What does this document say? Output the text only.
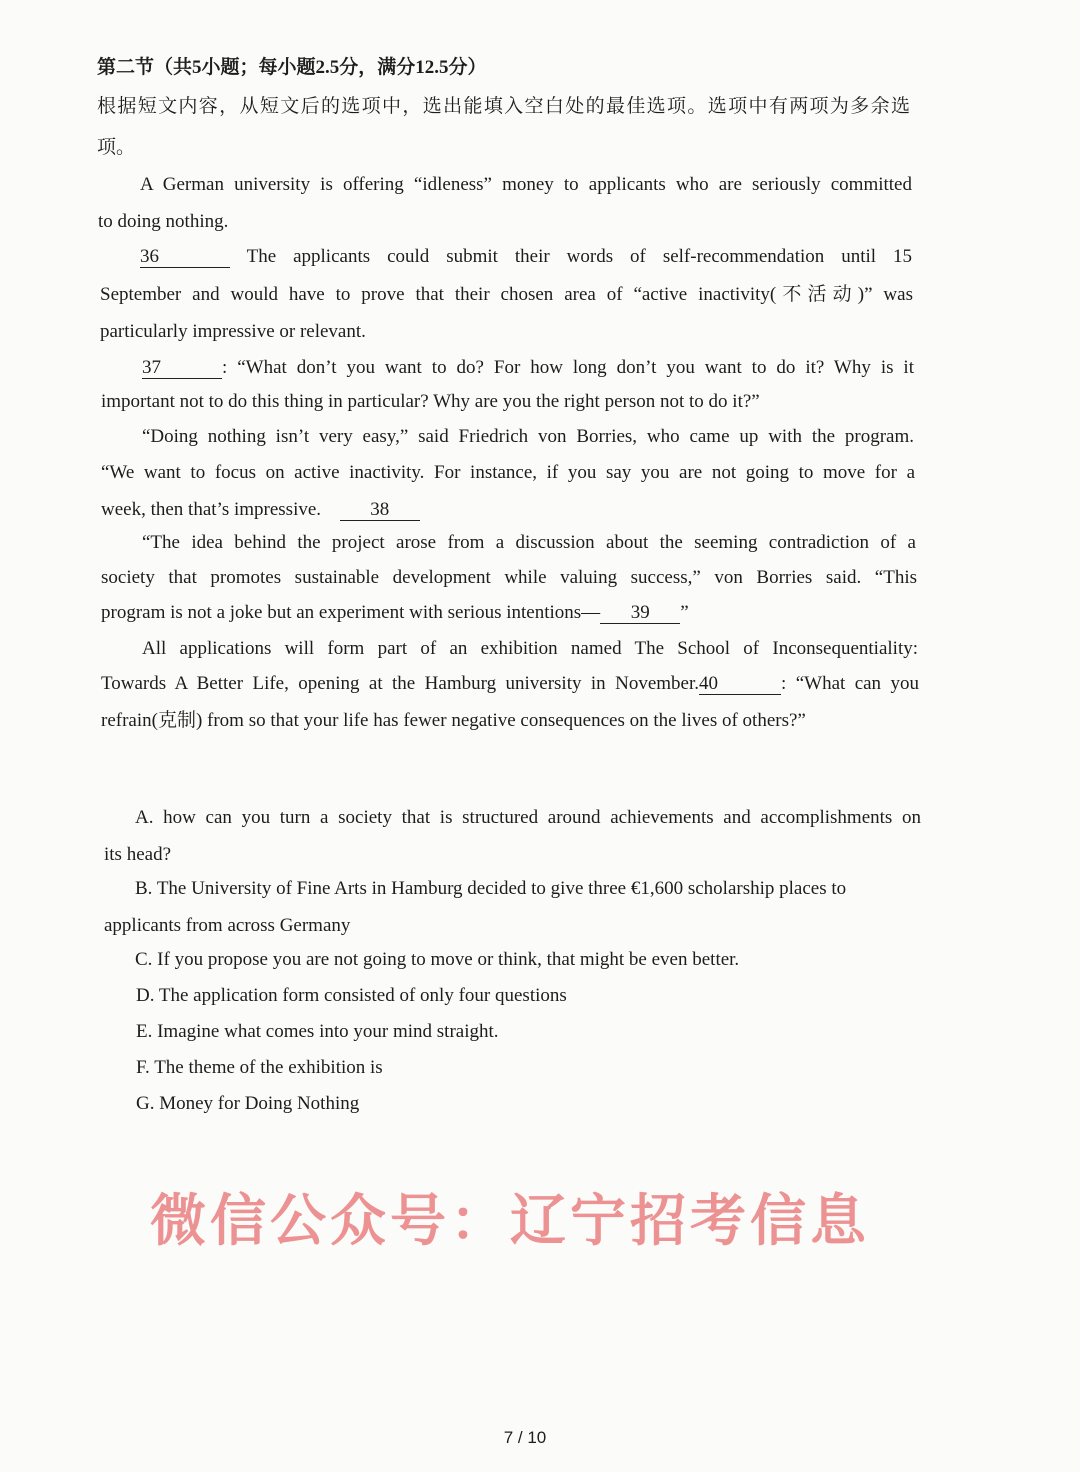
第二节（共5小题；每小题2.5分，满分12.5分）
根据短文内容，从短文后的选项中，选出能填入空白处的最佳选项。选项中有两项为多余选
项。
A German university is offering “idleness” money to applicants who are seriously committed
to doing nothing.
36	The applicants could submit their words of self-recommendation until 15
September and would have to prove that their chosen area of “active inactivity(不活动)” was
particularly impressive or relevant.
37	: “What don’t you want to do? For how long don’t you want to do it? Why is it
important not to do this thing in particular? Why are you the right person not to do it?”
“Doing nothing isn’t very easy,” said Friedrich von Borries, who came up with the program.
“We want to focus on active inactivity. For instance, if you say you are not going to move for a
week, then that’s impressive.	38
“The idea behind the project arose from a discussion about the seeming contradiction of a
society that promotes sustainable development while valuing success,” von Borries said. “This
program is not a joke but an experiment with serious intentions— 39 ”
All applications will form part of an exhibition named The School of Inconsequentiality:
Towards A Better Life, opening at the Hamburg university in November.40	: “What can you
refrain(克制) from so that your life has fewer negative consequences on the lives of others?”
A. how can you turn a society that is structured around achievements and accomplishments on
its head?
B. The University of Fine Arts in Hamburg decided to give three €1,600 scholarship places to
applicants from across Germany
C. If you propose you are not going to move or think, that might be even better.
D. The application form consisted of only four questions
E. Imagine what comes into your mind straight.
F. The theme of the exhibition is
G. Money for Doing Nothing
微信公众号：辽宁招考信息
7 / 10
